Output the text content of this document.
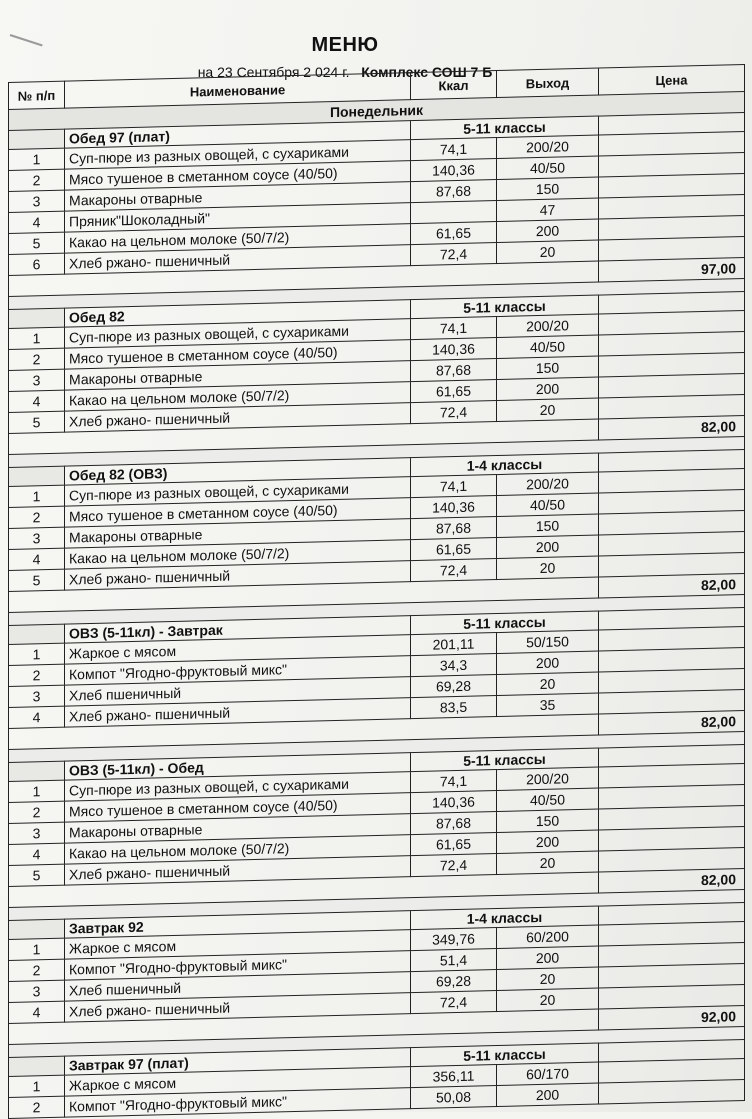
МЕНЮ
на 23 Сентября 2 024 г. Комплекс СОШ 7 Б
№ п/п	Наименование	Ккал	Выход	Цена
Понедельник				
	Обед 97 (плат)	5-11 классы		
1	Суп-пюре из разных овощей, с сухариками	74,1	200/20	
2	Мясо тушеное в сметанном соусе (40/50)	140,36	40/50	
3	Макароны отварные	87,68	150	
4	Пряник"Шоколадный"		47	
5	Какао на цельном молоке (50/7/2)	61,65	200	
6	Хлеб ржано- пшеничный	72,4	20	
				97,00

	Обед 82	5-11 классы		
1	Суп-пюре из разных овощей, с сухариками	74,1	200/20	
2	Мясо тушеное в сметанном соусе (40/50)	140,36	40/50	
3	Макароны отварные	87,68	150	
4	Какао на цельном молоке (50/7/2)	61,65	200	
5	Хлеб ржано- пшеничный	72,4	20	
				82,00

	Обед 82 (ОВЗ)	1-4 классы		
1	Суп-пюре из разных овощей, с сухариками	74,1	200/20	
2	Мясо тушеное в сметанном соусе (40/50)	140,36	40/50	
3	Макароны отварные	87,68	150	
4	Какао на цельном молоке (50/7/2)	61,65	200	
5	Хлеб ржано- пшеничный	72,4	20	
				82,00

	ОВЗ (5-11кл) - Завтрак	5-11 классы		
1	Жаркое с мясом	201,11	50/150	
2	Компот "Ягодно-фруктовый микс"	34,3	200	
3	Хлеб пшеничный	69,28	20	
4	Хлеб ржано- пшеничный	83,5	35	
				82,00

	ОВЗ (5-11кл) - Обед	5-11 классы		
1	Суп-пюре из разных овощей, с сухариками	74,1	200/20	
2	Мясо тушеное в сметанном соусе (40/50)	140,36	40/50	
3	Макароны отварные	87,68	150	
4	Какао на цельном молоке (50/7/2)	61,65	200	
5	Хлеб ржано- пшеничный	72,4	20	
				82,00

	Завтрак 92	1-4 классы		
1	Жаркое с мясом	349,76	60/200	
2	Компот "Ягодно-фруктовый микс"	51,4	200	
3	Хлеб пшеничный	69,28	20	
4	Хлеб ржано- пшеничный	72,4	20	
				92,00

	Завтрак 97 (плат)	5-11 классы		
1	Жаркое с мясом	356,11	60/170	
2	Компот "Ягодно-фруктовый микс"	50,08	200	
